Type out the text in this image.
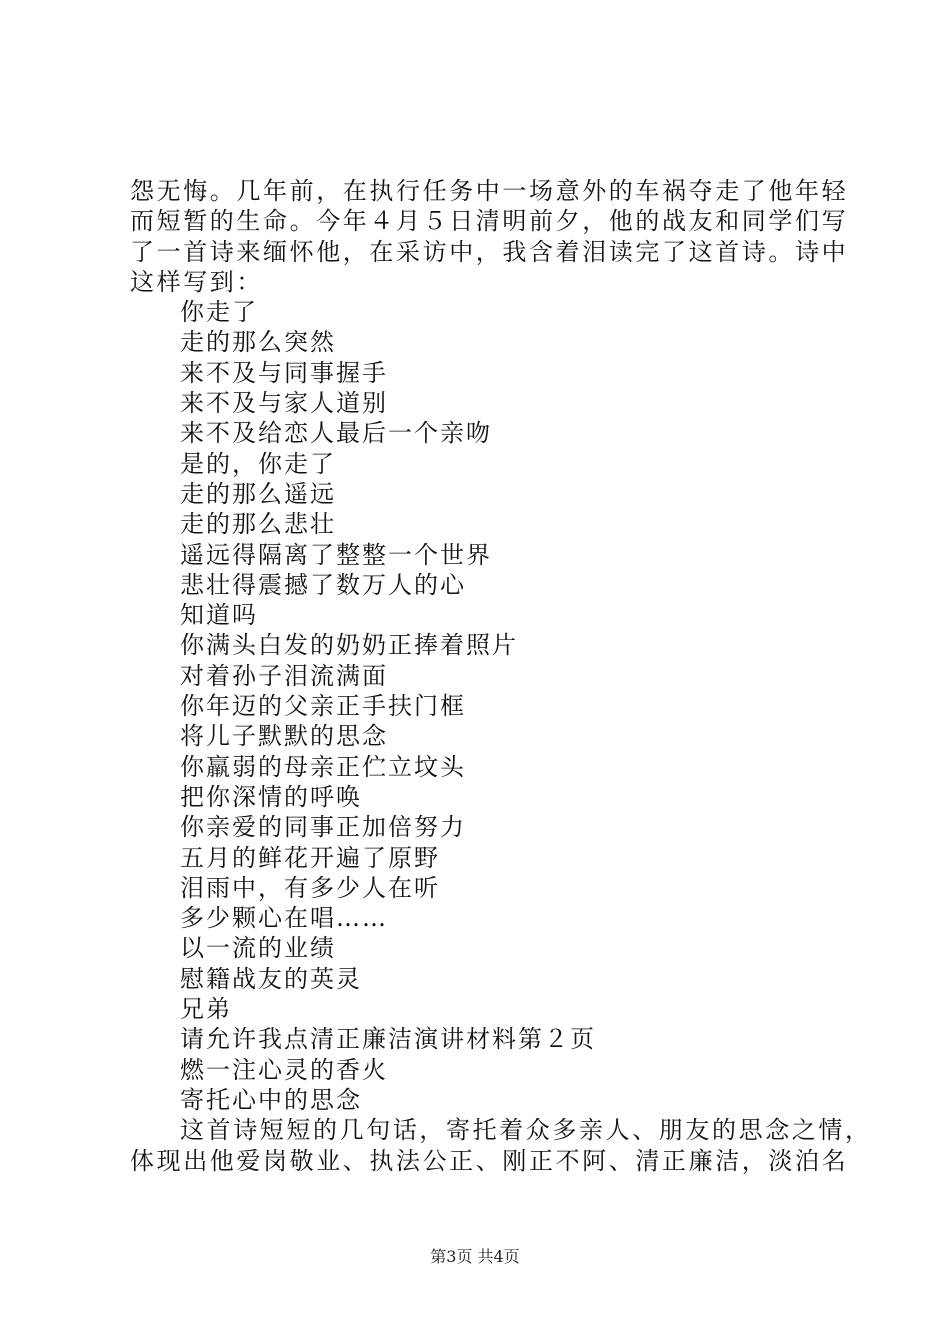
怨无悔。几年前，在执行任务中一场意外的车祸夺走了他年轻
而短暂的生命。今年４月５日清明前夕，他的战友和同学们写
了一首诗来缅怀他，在采访中，我含着泪读完了这首诗。诗中
这样写到：
你走了
走的那么突然
来不及与同事握手
来不及与家人道别
来不及给恋人最后一个亲吻
是的，你走了
走的那么遥远
走的那么悲壮
遥远得隔离了整整一个世界
悲壮得震撼了数万人的心
知道吗
你满头白发的奶奶正捧着照片
对着孙子泪流满面
你年迈的父亲正手扶门框
将儿子默默的思念
你羸弱的母亲正伫立坟头
把你深情的呼唤
你亲爱的同事正加倍努力
五月的鲜花开遍了原野
泪雨中，有多少人在听
多少颗心在唱……
以一流的业绩
慰籍战友的英灵
兄弟
请允许我点清正廉洁演讲材料第２页
燃一注心灵的香火
寄托心中的思念
这首诗短短的几句话，寄托着众多亲人、朋友的思念之情，
体现出他爱岗敬业、执法公正、刚正不阿、清正廉洁，淡泊名
第3页 共4页
